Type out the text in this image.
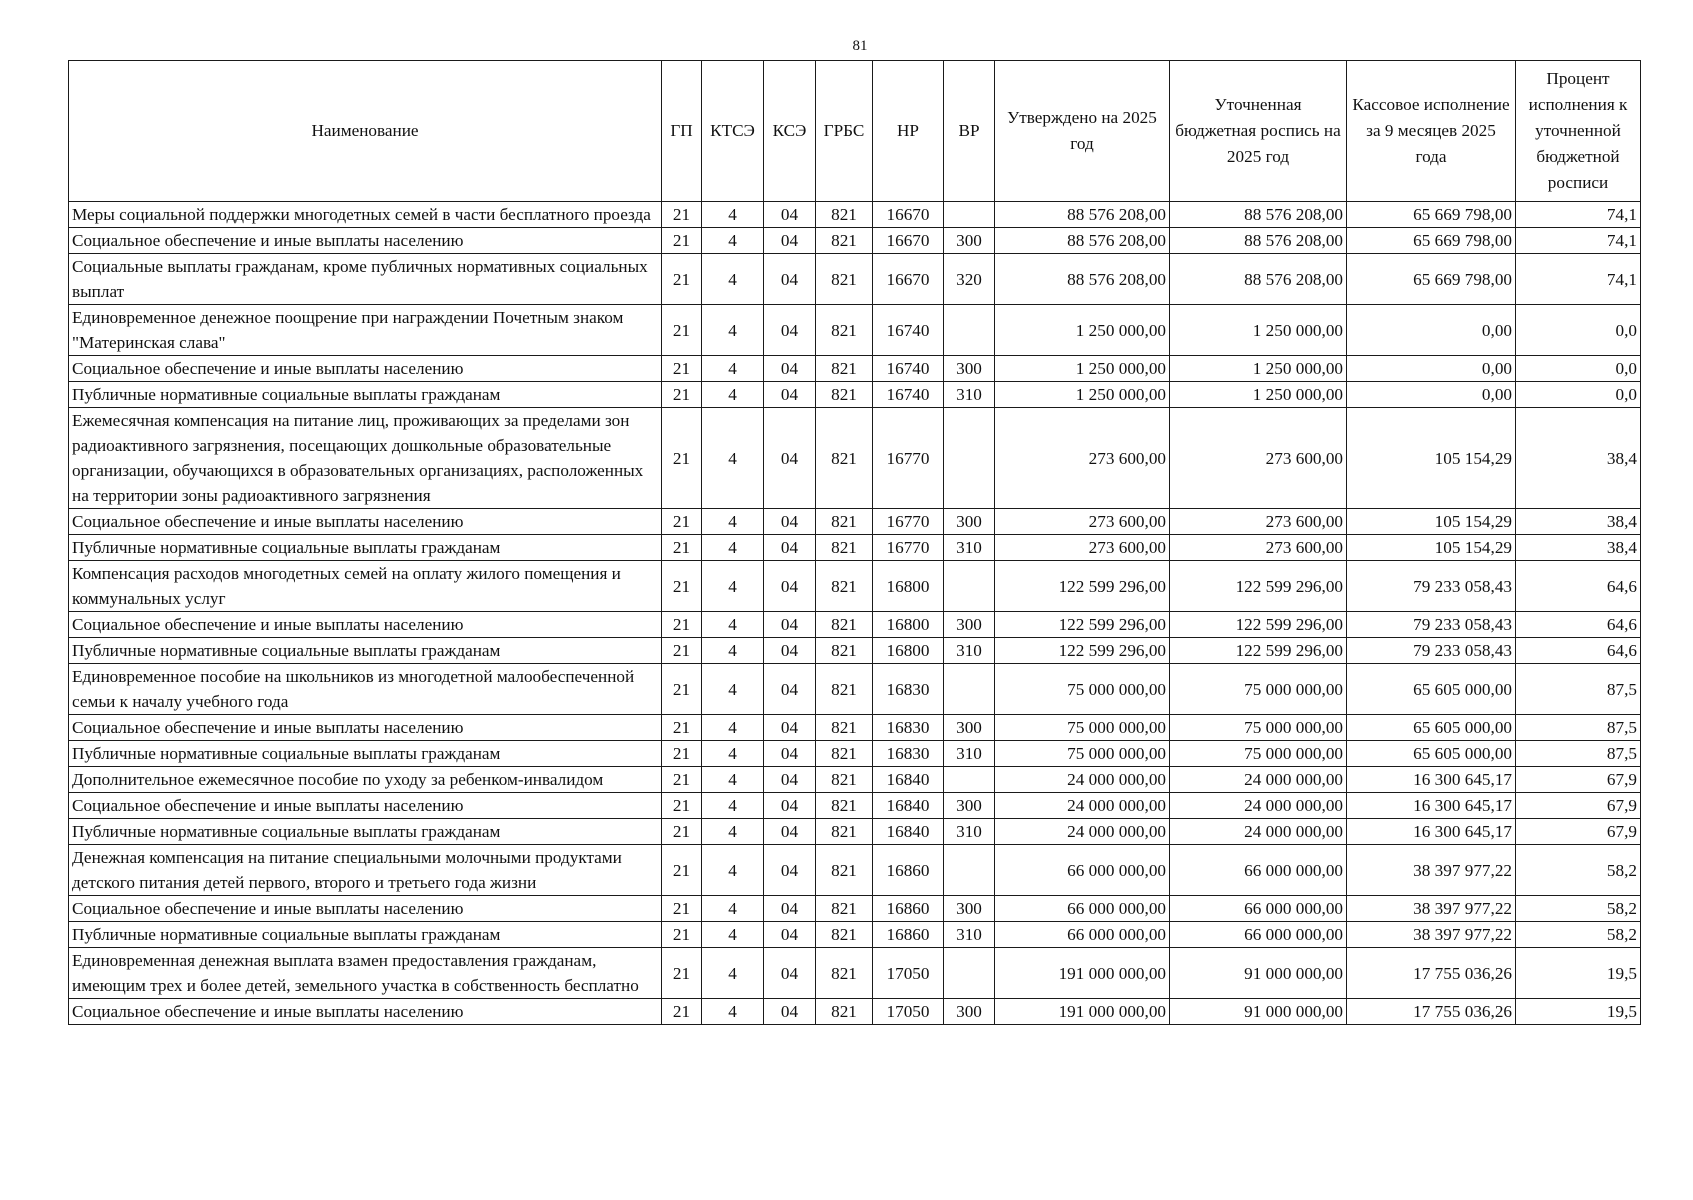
81
Наименование	ГП	КТСЭ	КСЭ	ГРБС	НР	ВР	Утверждено на 2025 год	Уточненная бюджетная роспись на 2025 год	Кассовое исполнение за 9 месяцев 2025 года	Процент исполнения к уточненной бюджетной росписи
Меры социальной поддержки многодетных семей в части бесплатного проезда	21	4	04	821	16670		88 576 208,00	88 576 208,00	65 669 798,00	74,1
Социальное обеспечение и иные выплаты населению	21	4	04	821	16670	300	88 576 208,00	88 576 208,00	65 669 798,00	74,1
Социальные выплаты гражданам, кроме публичных нормативных социальных выплат	21	4	04	821	16670	320	88 576 208,00	88 576 208,00	65 669 798,00	74,1
Единовременное денежное поощрение при награждении Почетным знаком "Материнская слава"	21	4	04	821	16740		1 250 000,00	1 250 000,00	0,00	0,0
Социальное обеспечение и иные выплаты населению	21	4	04	821	16740	300	1 250 000,00	1 250 000,00	0,00	0,0
Публичные нормативные социальные выплаты гражданам	21	4	04	821	16740	310	1 250 000,00	1 250 000,00	0,00	0,0
Ежемесячная компенсация на питание лиц, проживающих за пределами зон радиоактивного загрязнения, посещающих дошкольные образовательные организации, обучающихся в образовательных организациях, расположенных на территории зоны радиоактивного загрязнения	21	4	04	821	16770		273 600,00	273 600,00	105 154,29	38,4
Социальное обеспечение и иные выплаты населению	21	4	04	821	16770	300	273 600,00	273 600,00	105 154,29	38,4
Публичные нормативные социальные выплаты гражданам	21	4	04	821	16770	310	273 600,00	273 600,00	105 154,29	38,4
Компенсация расходов многодетных семей на оплату жилого помещения и коммунальных услуг	21	4	04	821	16800		122 599 296,00	122 599 296,00	79 233 058,43	64,6
Социальное обеспечение и иные выплаты населению	21	4	04	821	16800	300	122 599 296,00	122 599 296,00	79 233 058,43	64,6
Публичные нормативные социальные выплаты гражданам	21	4	04	821	16800	310	122 599 296,00	122 599 296,00	79 233 058,43	64,6
Единовременное пособие на школьников из многодетной малообеспеченной семьи к началу учебного года	21	4	04	821	16830		75 000 000,00	75 000 000,00	65 605 000,00	87,5
Социальное обеспечение и иные выплаты населению	21	4	04	821	16830	300	75 000 000,00	75 000 000,00	65 605 000,00	87,5
Публичные нормативные социальные выплаты гражданам	21	4	04	821	16830	310	75 000 000,00	75 000 000,00	65 605 000,00	87,5
Дополнительное ежемесячное пособие по уходу за ребенком-инвалидом	21	4	04	821	16840		24 000 000,00	24 000 000,00	16 300 645,17	67,9
Социальное обеспечение и иные выплаты населению	21	4	04	821	16840	300	24 000 000,00	24 000 000,00	16 300 645,17	67,9
Публичные нормативные социальные выплаты гражданам	21	4	04	821	16840	310	24 000 000,00	24 000 000,00	16 300 645,17	67,9
Денежная компенсация на питание специальными молочными продуктами детского питания детей первого, второго и третьего года жизни	21	4	04	821	16860		66 000 000,00	66 000 000,00	38 397 977,22	58,2
Социальное обеспечение и иные выплаты населению	21	4	04	821	16860	300	66 000 000,00	66 000 000,00	38 397 977,22	58,2
Публичные нормативные социальные выплаты гражданам	21	4	04	821	16860	310	66 000 000,00	66 000 000,00	38 397 977,22	58,2
Единовременная денежная выплата взамен предоставления гражданам, имеющим трех и более детей, земельного участка в собственность бесплатно	21	4	04	821	17050		191 000 000,00	91 000 000,00	17 755 036,26	19,5
Социальное обеспечение и иные выплаты населению	21	4	04	821	17050	300	191 000 000,00	91 000 000,00	17 755 036,26	19,5
